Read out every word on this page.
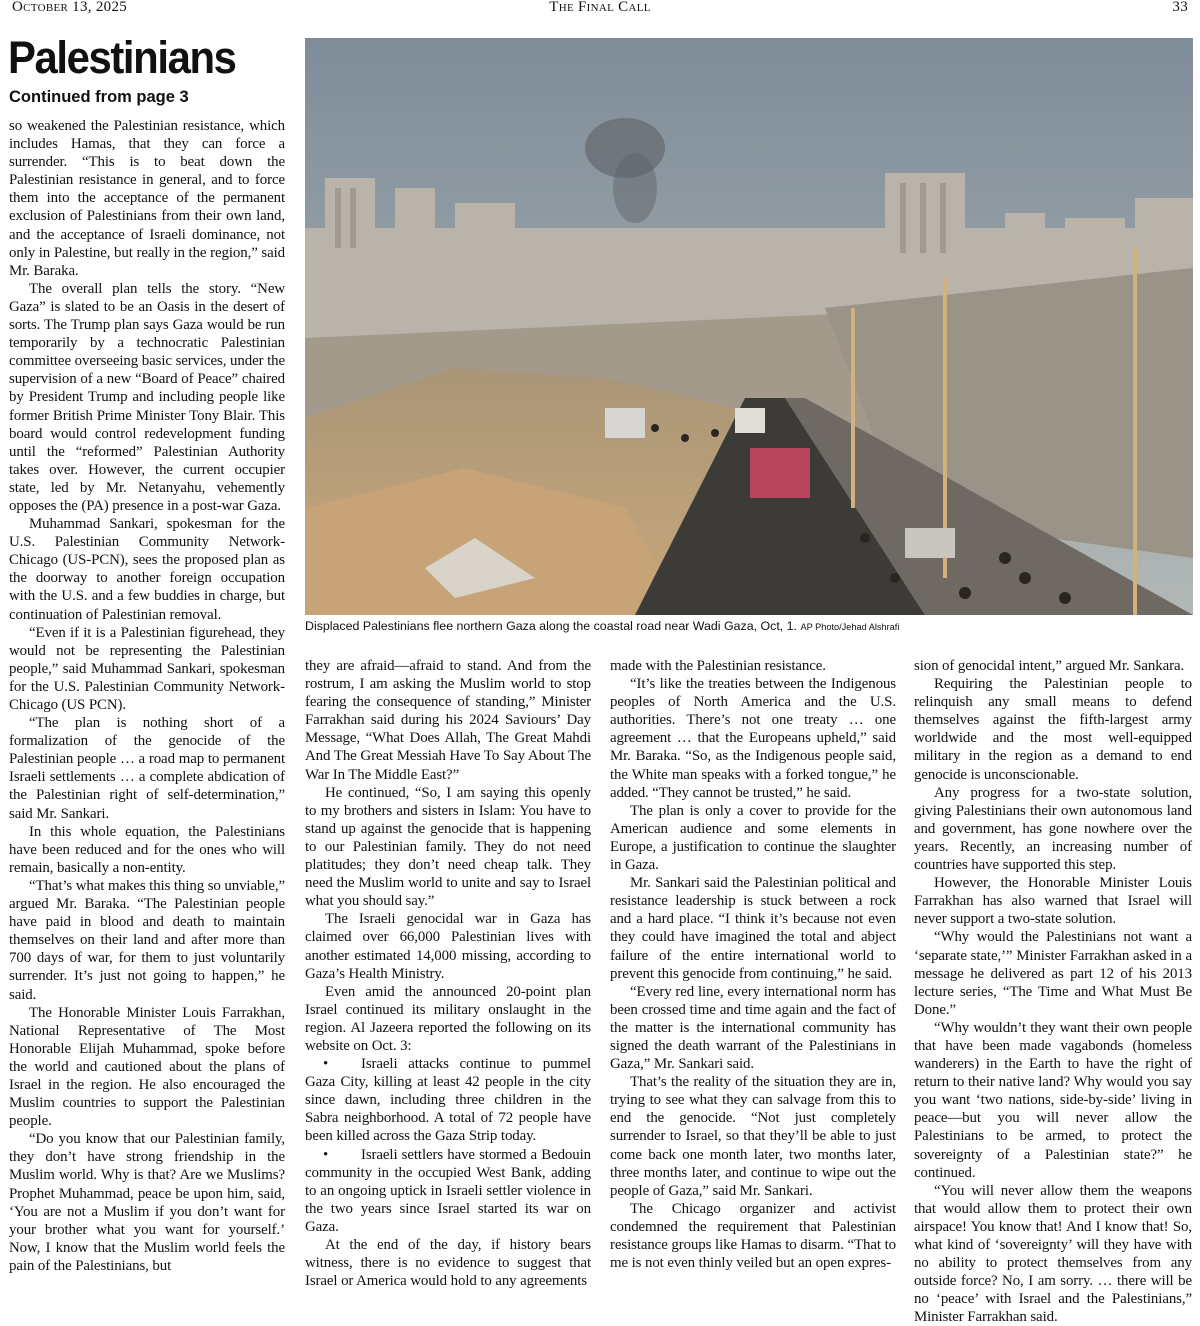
October 13, 2025	The Final Call	33
Palestinians
Continued from page 3
Displaced Palestinians flee northern Gaza along the coastal road near Wadi Gaza, Oct, 1. AP Photo/Jehad Alshrafi

so weakened the Palestinian resistance, which includes Hamas, that they can force a surrender. “This is to beat down the Palestinian resistance in general, and to force them into the acceptance of the permanent exclusion of Palestinians from their own land, and the acceptance of Israeli dominance, not only in Palestine, but really in the region,” said Mr. Baraka.

The overall plan tells the story. “New Gaza” is slated to be an Oasis in the desert of sorts. The Trump plan says Gaza would be run temporarily by a technocratic Palestinian committee overseeing basic services, under the supervision of a new “Board of Peace” chaired by President Trump and including people like former British Prime Minister Tony Blair. This board would control redevelopment funding until the “reformed” Palestinian Authority takes over. However, the current occupier state, led by Mr. Netanyahu, vehemently opposes the (PA) presence in a post-war Gaza.

Muhammad Sankari, spokesman for the U.S. Palestinian Community Network-Chicago (US-PCN), sees the proposed plan as the doorway to another foreign occupation with the U.S. and a few buddies in charge, but continuation of Palestinian removal.

“Even if it is a Palestinian figurehead, they would not be representing the Palestinian people,” said Muhammad Sankari, spokesman for the U.S. Palestinian Community Network-Chicago (US PCN).

“The plan is nothing short of a formalization of the genocide of the Palestinian people … a road map to permanent Israeli settlements … a complete abdication of the Palestinian right of self-determination,” said Mr. Sankari.

In this whole equation, the Palestinians have been reduced and for the ones who will remain, basically a non-entity.

“That’s what makes this thing so unviable,” argued Mr. Baraka. “The Palestinian people have paid in blood and death to maintain themselves on their land and after more than 700 days of war, for them to just voluntarily surrender. It’s just not going to happen,” he said.

The Honorable Minister Louis Farrakhan, National Representative of The Most Honorable Elijah Muhammad, spoke before the world and cautioned about the plans of Israel in the region. He also encouraged the Muslim countries to support the Palestinian people.

“Do you know that our Palestinian family, they don’t have strong friendship in the Muslim world. Why is that? Are we Muslims? Prophet Muhammad, peace be upon him, said, ‘You are not a Muslim if you don’t want for your brother what you want for yourself.’ Now, I know that the Muslim world feels the pain of the Palestinians, but

they are afraid—afraid to stand. And from the rostrum, I am asking the Muslim world to stop fearing the consequence of standing,” Minister Farrakhan said during his 2024 Saviours’ Day Message, “What Does Allah, The Great Mahdi And The Great Messiah Have To Say About The War In The Middle East?”

He continued, “So, I am saying this openly to my brothers and sisters in Islam: You have to stand up against the genocide that is happening to our Palestinian family. They do not need platitudes; they don’t need cheap talk. They need the Muslim world to unite and say to Israel what you should say.”

The Israeli genocidal war in Gaza has claimed over 66,000 Palestinian lives with another estimated 14,000 missing, according to Gaza’s Health Ministry.

Even amid the announced 20-point plan Israel continued its military onslaught in the region. Al Jazeera reported the following on its website on Oct. 3:

• Israeli attacks continue to pummel Gaza City, killing at least 42 people in the city since dawn, including three children in the Sabra neighborhood. A total of 72 people have been killed across the Gaza Strip today.

• Israeli settlers have stormed a Bedouin community in the occupied West Bank, adding to an ongoing uptick in Israeli settler violence in the two years since Israel started its war on Gaza.

At the end of the day, if history bears witness, there is no evidence to suggest that Israel or America would hold to any agreements

made with the Palestinian resistance.

“It’s like the treaties between the Indigenous peoples of North America and the U.S. authorities. There’s not one treaty … one agreement … that the Europeans upheld,” said Mr. Baraka. “So, as the Indigenous people said, the White man speaks with a forked tongue,” he added. “They cannot be trusted,” he said.

The plan is only a cover to provide for the American audience and some elements in Europe, a justification to continue the slaughter in Gaza.

Mr. Sankari said the Palestinian political and resistance leadership is stuck between a rock and a hard place. “I think it’s because not even they could have imagined the total and abject failure of the entire international world to prevent this genocide from continuing,” he said.

“Every red line, every international norm has been crossed time and time again and the fact of the matter is the international community has signed the death warrant of the Palestinians in Gaza,” Mr. Sankari said.

That’s the reality of the situation they are in, trying to see what they can salvage from this to end the genocide. “Not just completely surrender to Israel, so that they’ll be able to just come back one month later, two months later, three months later, and continue to wipe out the people of Gaza,” said Mr. Sankari.

The Chicago organizer and activist condemned the requirement that Palestinian resistance groups like Hamas to disarm. “That to me is not even thinly veiled but an open expres-

sion of genocidal intent,” argued Mr. Sankara.

Requiring the Palestinian people to relinquish any small means to defend themselves against the fifth-largest army worldwide and the most well-equipped military in the region as a demand to end genocide is unconscionable.

Any progress for a two-state solution, giving Palestinians their own autonomous land and government, has gone nowhere over the years. Recently, an increasing number of countries have supported this step.

However, the Honorable Minister Louis Farrakhan has also warned that Israel will never support a two-state solution.

“Why would the Palestinians not want a ‘separate state,’” Minister Farrakhan asked in a message he delivered as part 12 of his 2013 lecture series, “The Time and What Must Be Done.”

“Why wouldn’t they want their own people that have been made vagabonds (homeless wanderers) in the Earth to have the right of return to their native land? Why would you say you want ‘two nations, side-by-side’ living in peace—but you will never allow the Palestinians to be armed, to protect the sovereignty of a Palestinian state?” he continued.

“You will never allow them the weapons that would allow them to protect their own airspace! You know that! And I know that! So, what kind of ‘sovereignty’ will they have with no ability to protect themselves from any outside force? No, I am sorry. … there will be no ‘peace’ with Israel and the Palestinians,” Minister Farrakhan said.
